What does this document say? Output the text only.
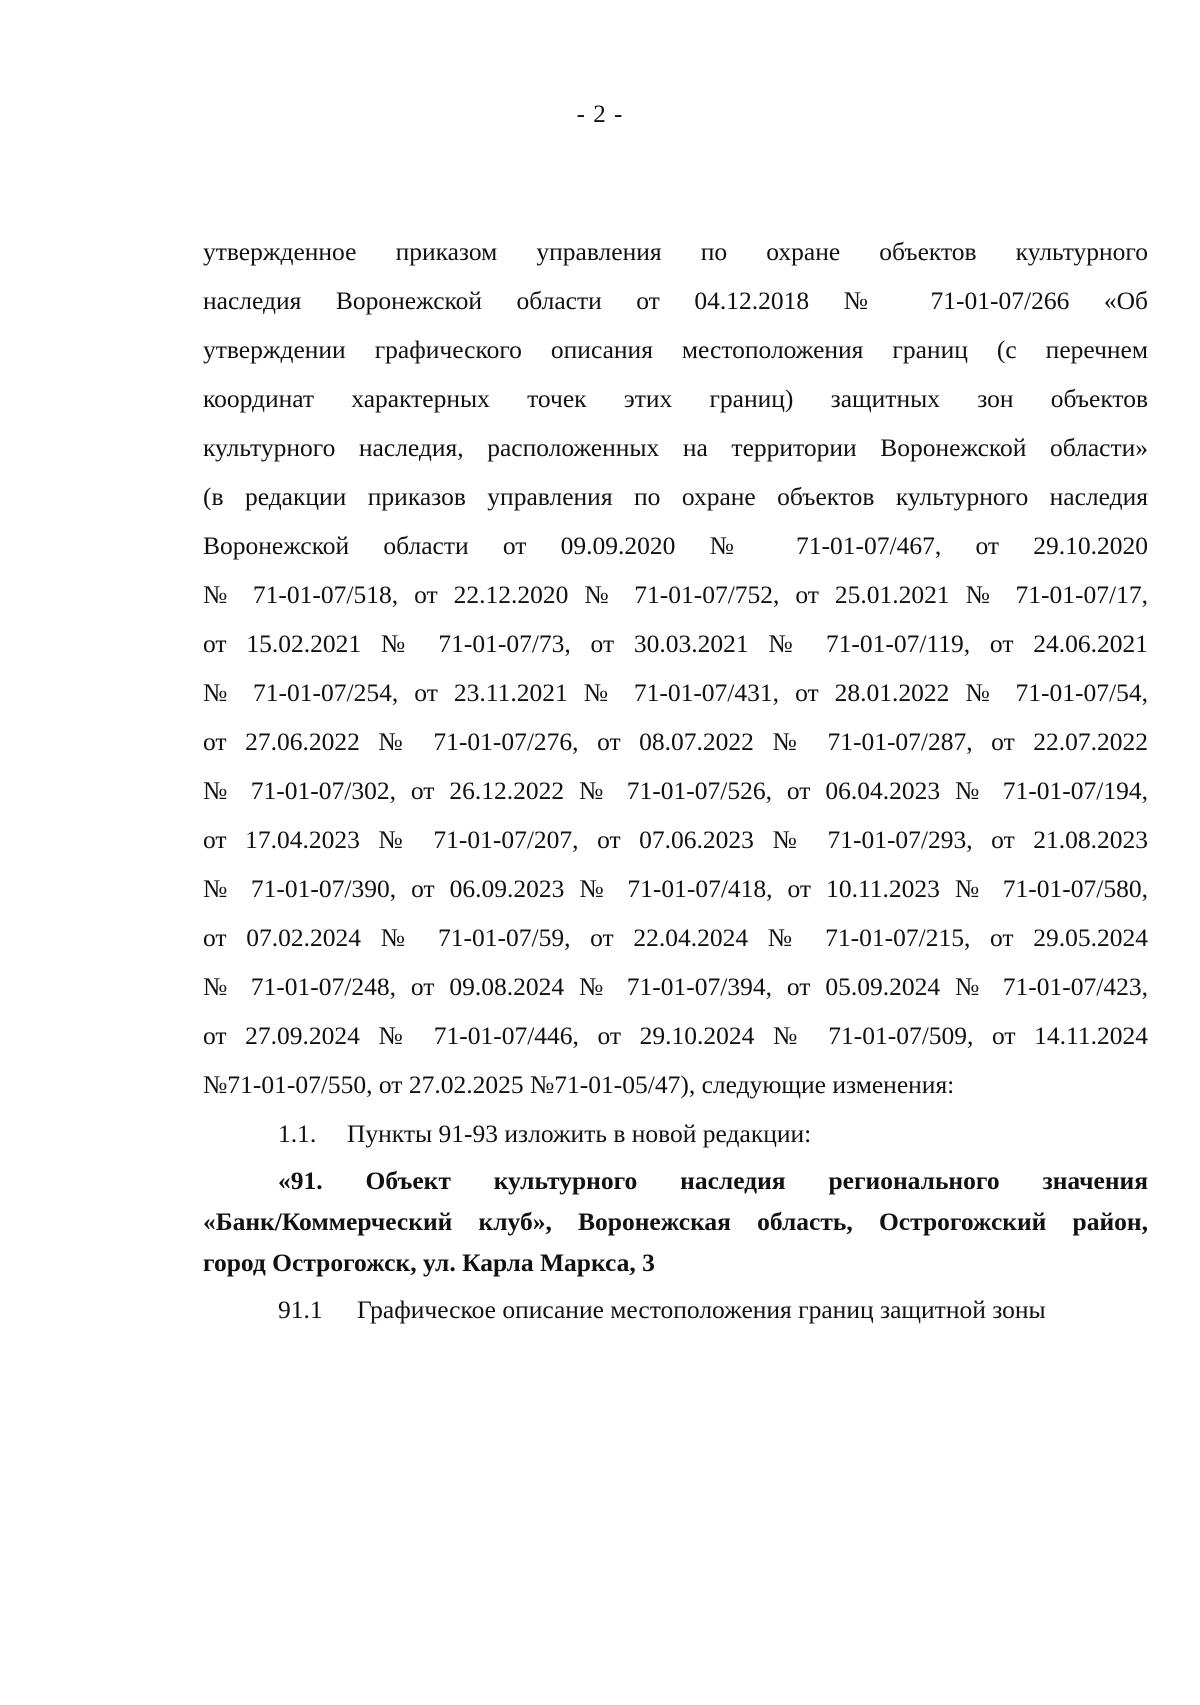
- 2 -
утвержденное приказом управления по охране объектов культурного
наследия Воронежской области от 04.12.2018 № 71-01-07/266 «Об
утверждении графического описания местоположения границ (с перечнем
координат характерных точек этих границ) защитных зон объектов
культурного наследия, расположенных на территории Воронежской области»
(в редакции приказов управления по охране объектов культурного наследия
Воронежской области от 09.09.2020 № 71-01-07/467, от 29.10.2020
№ 71-01-07/518, от 22.12.2020 № 71-01-07/752, от 25.01.2021 № 71-01-07/17,
от 15.02.2021 № 71-01-07/73, от 30.03.2021 № 71-01-07/119, от 24.06.2021
№ 71-01-07/254, от 23.11.2021 № 71-01-07/431, от 28.01.2022 № 71-01-07/54,
от 27.06.2022 № 71-01-07/276, от 08.07.2022 № 71-01-07/287, от 22.07.2022
№ 71-01-07/302, от 26.12.2022 № 71-01-07/526, от 06.04.2023 № 71-01-07/194,
от 17.04.2023 № 71-01-07/207, от 07.06.2023 № 71-01-07/293, от 21.08.2023
№ 71-01-07/390, от 06.09.2023 № 71-01-07/418, от 10.11.2023 № 71-01-07/580,
от 07.02.2024 № 71-01-07/59, от 22.04.2024 № 71-01-07/215, от 29.05.2024
№ 71-01-07/248, от 09.08.2024 № 71-01-07/394, от 05.09.2024 № 71-01-07/423,
от 27.09.2024 № 71-01-07/446, от 29.10.2024 № 71-01-07/509, от 14.11.2024
№71-01-07/550, от 27.02.2025 №71-01-05/47), следующие изменения:
1.1. Пункты 91-93 изложить в новой редакции:
«91. Объект культурного наследия регионального значения
«Банк/Коммерческий клуб», Воронежская область, Острогожский район,
город Острогожск, ул. Карла Маркса, 3
91.1 Графическое описание местоположения границ защитной зоны
